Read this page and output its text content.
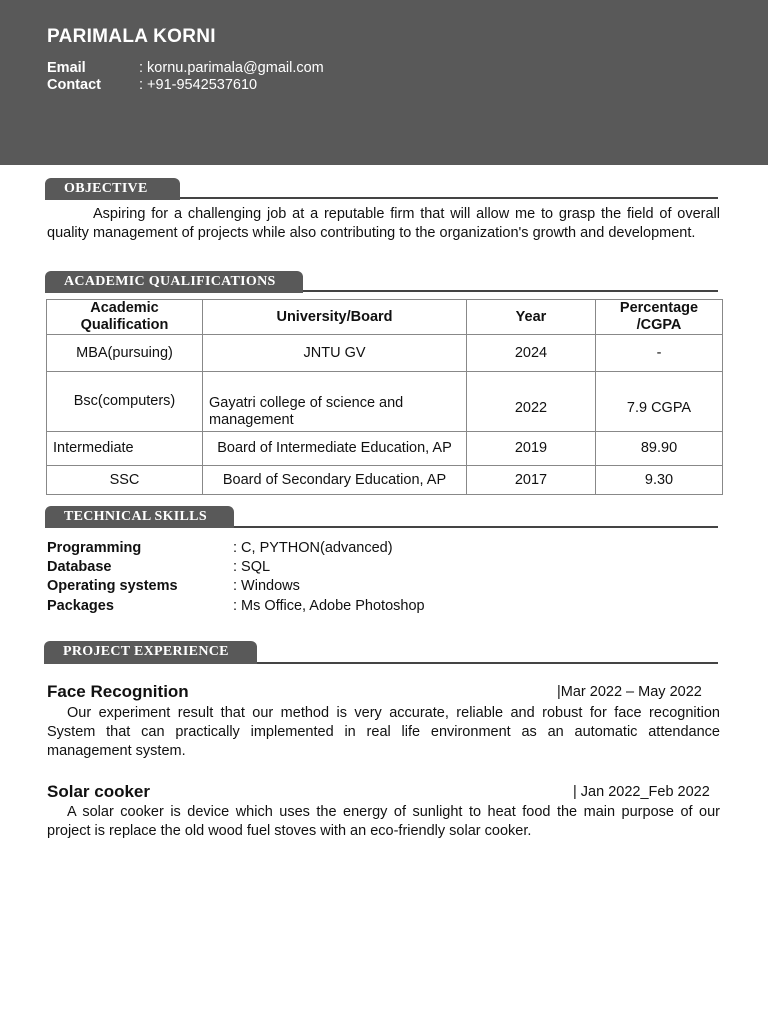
PARIMALA KORNI
Email	: kornu.parimala@gmail.com
Contact	: +91-9542537610
OBJECTIVE
Aspiring for a challenging job at a reputable firm that will allow me to grasp the field of overall quality management of projects while also contributing to the organization's growth and development.
ACADEMIC QUALIFICATIONS
Academic Qualification	University/Board	Year	Percentage /CGPA
MBA(pursuing)	JNTU GV	2024	-
Bsc(computers)	Gayatri college of science and management	2022	7.9 CGPA
Intermediate	Board of Intermediate Education, AP	2019	89.90
SSC	Board of Secondary Education, AP	2017	9.30
TECHNICAL SKILLS
Programming	: C, PYTHON(advanced)
Database	: SQL
Operating systems	: Windows
Packages	: Ms Office, Adobe Photoshop
PROJECT EXPERIENCE
Face Recognition	|Mar 2022 – May 2022
Our experiment result that our method is very accurate, reliable and robust for face recognition System that can practically implemented in real life environment as an automatic attendance management system.
Solar cooker	| Jan 2022_Feb 2022
A solar cooker is device which uses the energy of sunlight to heat food the main purpose of our project is replace the old wood fuel stoves with an eco-friendly solar cooker.
